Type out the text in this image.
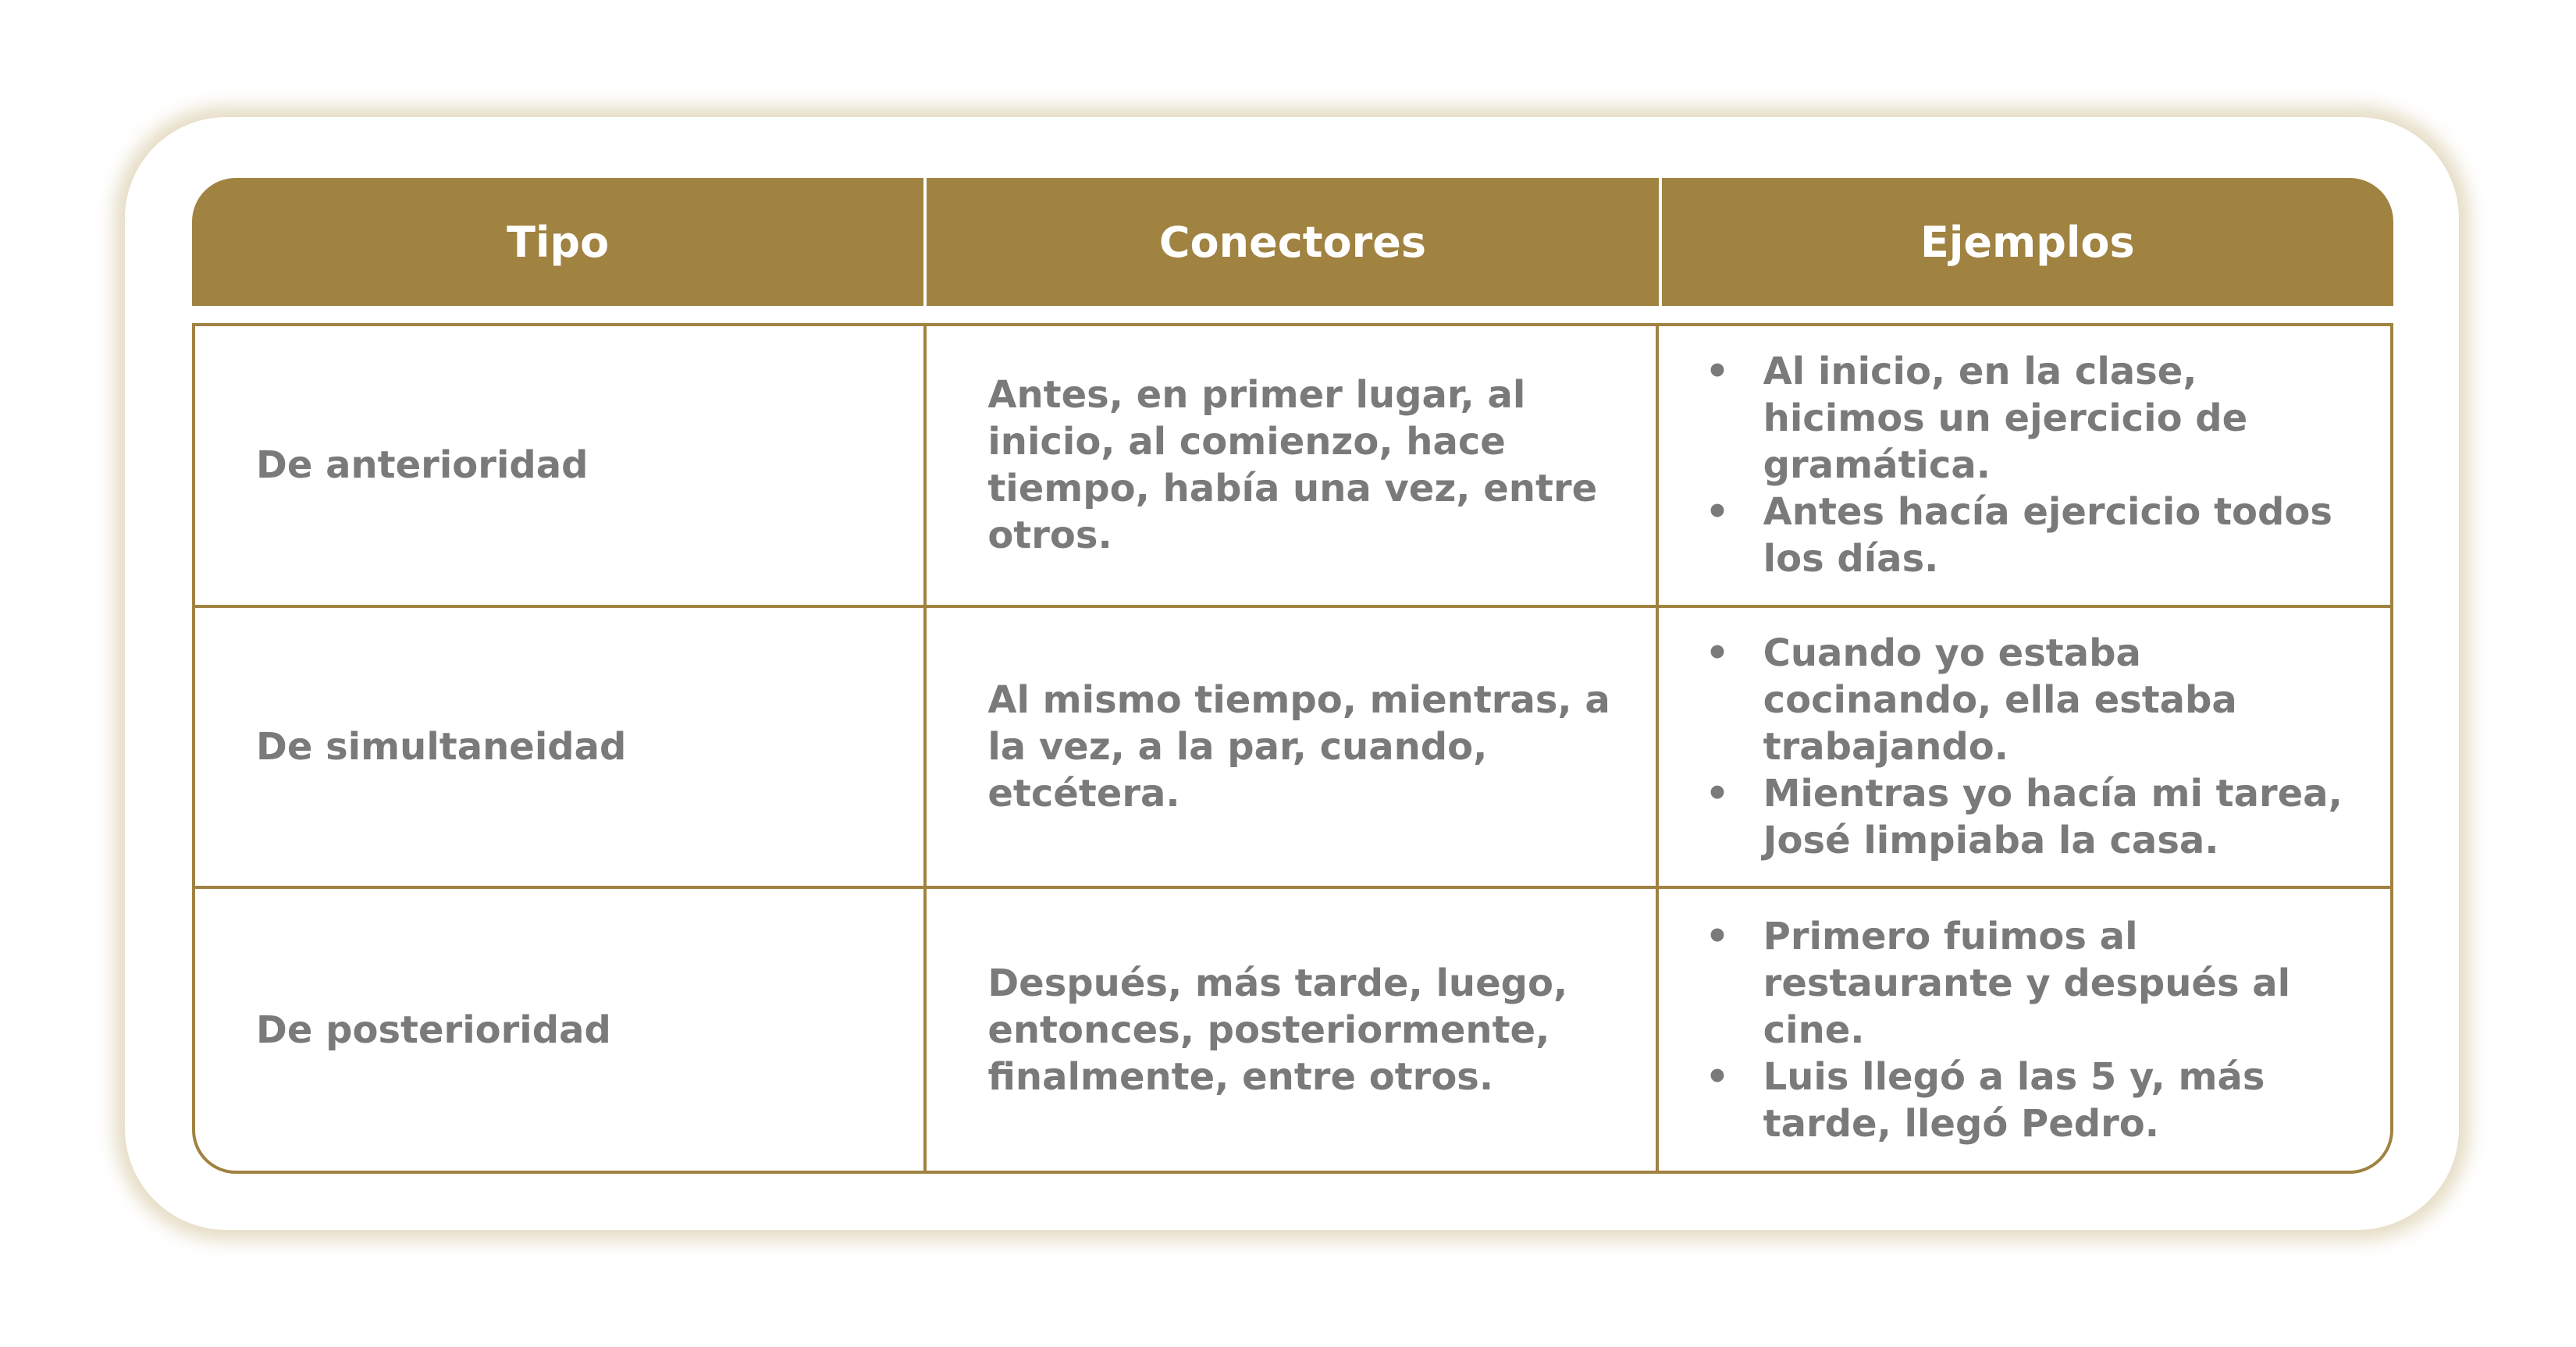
Tipo	Conectores	Ejemplos
De anterioridad
Antes, en primer lugar, al inicio, al comienzo, hace tiempo, había una vez, entre otros.
• Al inicio, en la clase, hicimos un ejercicio de gramática.
• Antes hacía ejercicio todos los días.
De simultaneidad
Al mismo tiempo, mientras, a la vez, a la par, cuando, etcétera.
• Cuando yo estaba cocinando, ella estaba trabajando.
• Mientras yo hacía mi tarea, José limpiaba la casa.
De posterioridad
Después, más tarde, luego, entonces, posteriormente, finalmente, entre otros.
• Primero fuimos al restaurante y después al cine.
• Luis llegó a las 5 y, más tarde, llegó Pedro.
